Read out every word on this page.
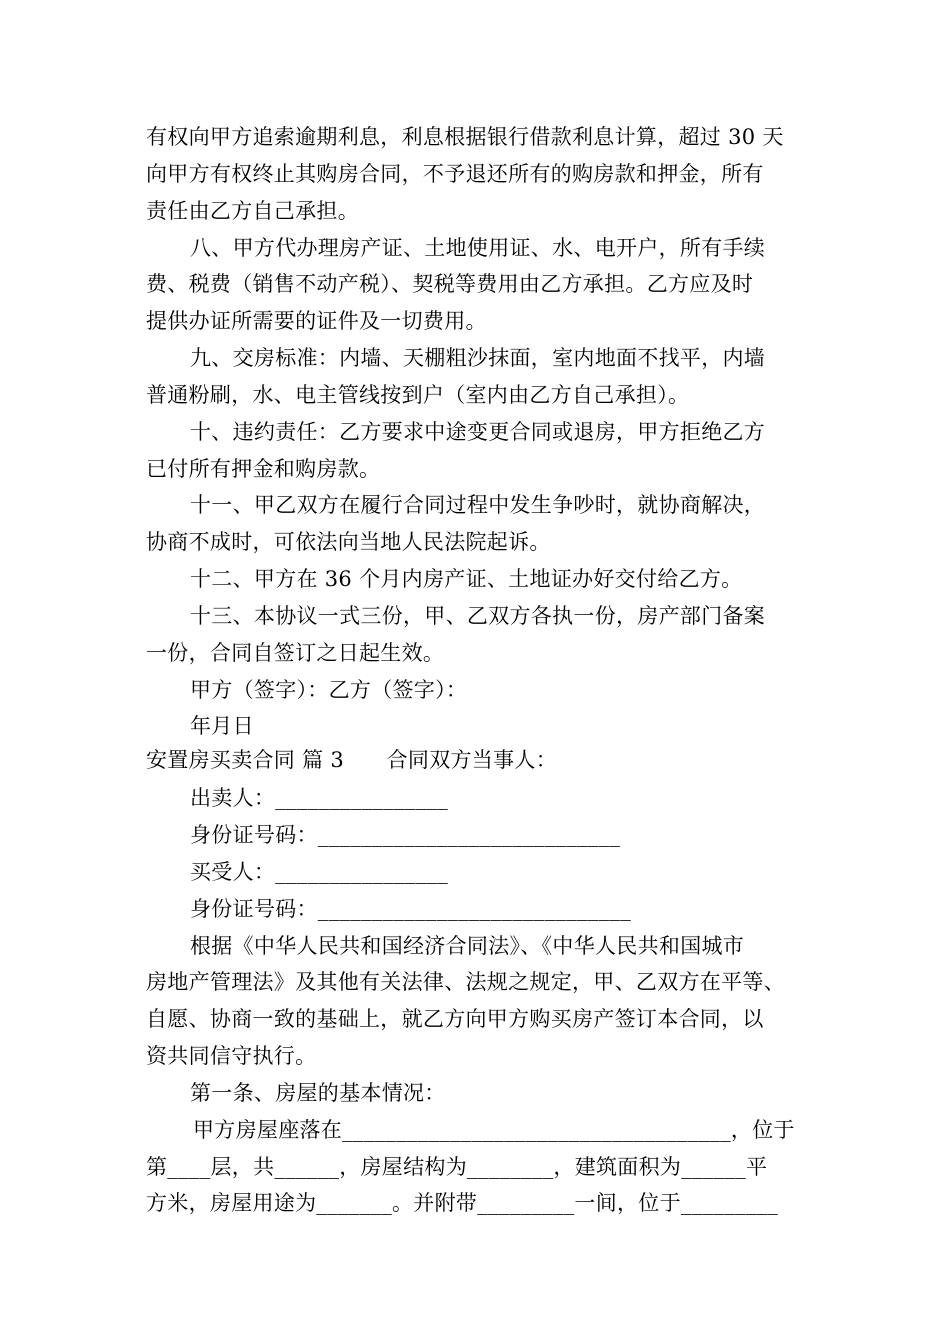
有权向甲方追索逾期利息，利息根据银行借款利息计算，超过 30 天
向甲方有权终止其购房合同，不予退还所有的购房款和押金，所有
责任由乙方自己承担。
八、甲方代办理房产证、土地使用证、水、电开户，所有手续
费、税费（销售不动产税）、契税等费用由乙方承担。乙方应及时
提供办证所需要的证件及一切费用。
九、交房标准：内墙、天棚粗沙抹面，室内地面不找平，内墙
普通粉刷，水、电主管线按到户（室内由乙方自己承担）。
十、违约责任：乙方要求中途变更合同或退房，甲方拒绝乙方
已付所有押金和购房款。
十一、甲乙双方在履行合同过程中发生争吵时，就协商解决，
协商不成时，可依法向当地人民法院起诉。
十二、甲方在 36 个月内房产证、土地证办好交付给乙方。
十三、本协议一式三份，甲、乙双方各执一份，房产部门备案
一份，合同自签订之日起生效。
甲方（签字）：乙方（签字）：
年月日
安置房买卖合同 篇 3　　合同双方当事人：
出卖人：________________
身份证号码：____________________________
买受人：________________
身份证号码：_____________________________
根据《中华人民共和国经济合同法》、《中华人民共和国城市
房地产管理法》及其他有关法律、法规之规定，甲、乙双方在平等、
自愿、协商一致的基础上，就乙方向甲方购买房产签订本合同，以
资共同信守执行。
第一条、房屋的基本情况：
甲方房屋座落在____________________________________，位于
第____层，共______，房屋结构为________，建筑面积为______平
方米，房屋用途为_______。并附带_________一间，位于_________
